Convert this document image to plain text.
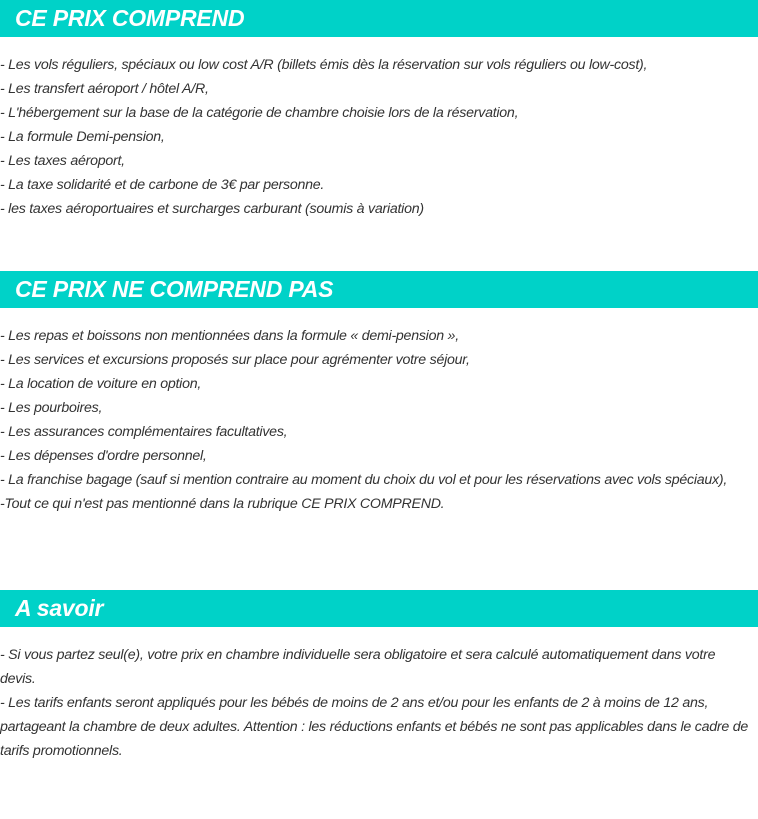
CE PRIX COMPREND
- Les vols réguliers, spéciaux ou low cost A/R (billets émis dès la réservation sur vols réguliers ou low-cost),
- Les transfert aéroport / hôtel A/R,
- L'hébergement sur la base de la catégorie de chambre choisie lors de la réservation,
- La formule Demi-pension,
- Les taxes aéroport,
- La taxe solidarité et de carbone de 3€ par personne.
- les taxes aéroportuaires et surcharges carburant (soumis à variation)
CE PRIX NE COMPREND PAS
- Les repas et boissons non mentionnées dans la formule « demi-pension »,
- Les services et excursions proposés sur place pour agrémenter votre séjour,
- La location de voiture en option,
- Les pourboires,
- Les assurances complémentaires facultatives,
- Les dépenses d'ordre personnel,
- La franchise bagage (sauf si mention contraire au moment du choix du vol et pour les réservations avec vols spéciaux),
-Tout ce qui n'est pas mentionné dans la rubrique CE PRIX COMPREND.
A savoir
- Si vous partez seul(e), votre prix en chambre individuelle sera obligatoire et sera calculé automatiquement dans votre devis.
- Les tarifs enfants seront appliqués pour les bébés de moins de 2 ans et/ou pour les enfants de 2 à moins de 12 ans, partageant la chambre de deux adultes. Attention : les réductions enfants et bébés ne sont pas applicables dans le cadre de tarifs promotionnels.
